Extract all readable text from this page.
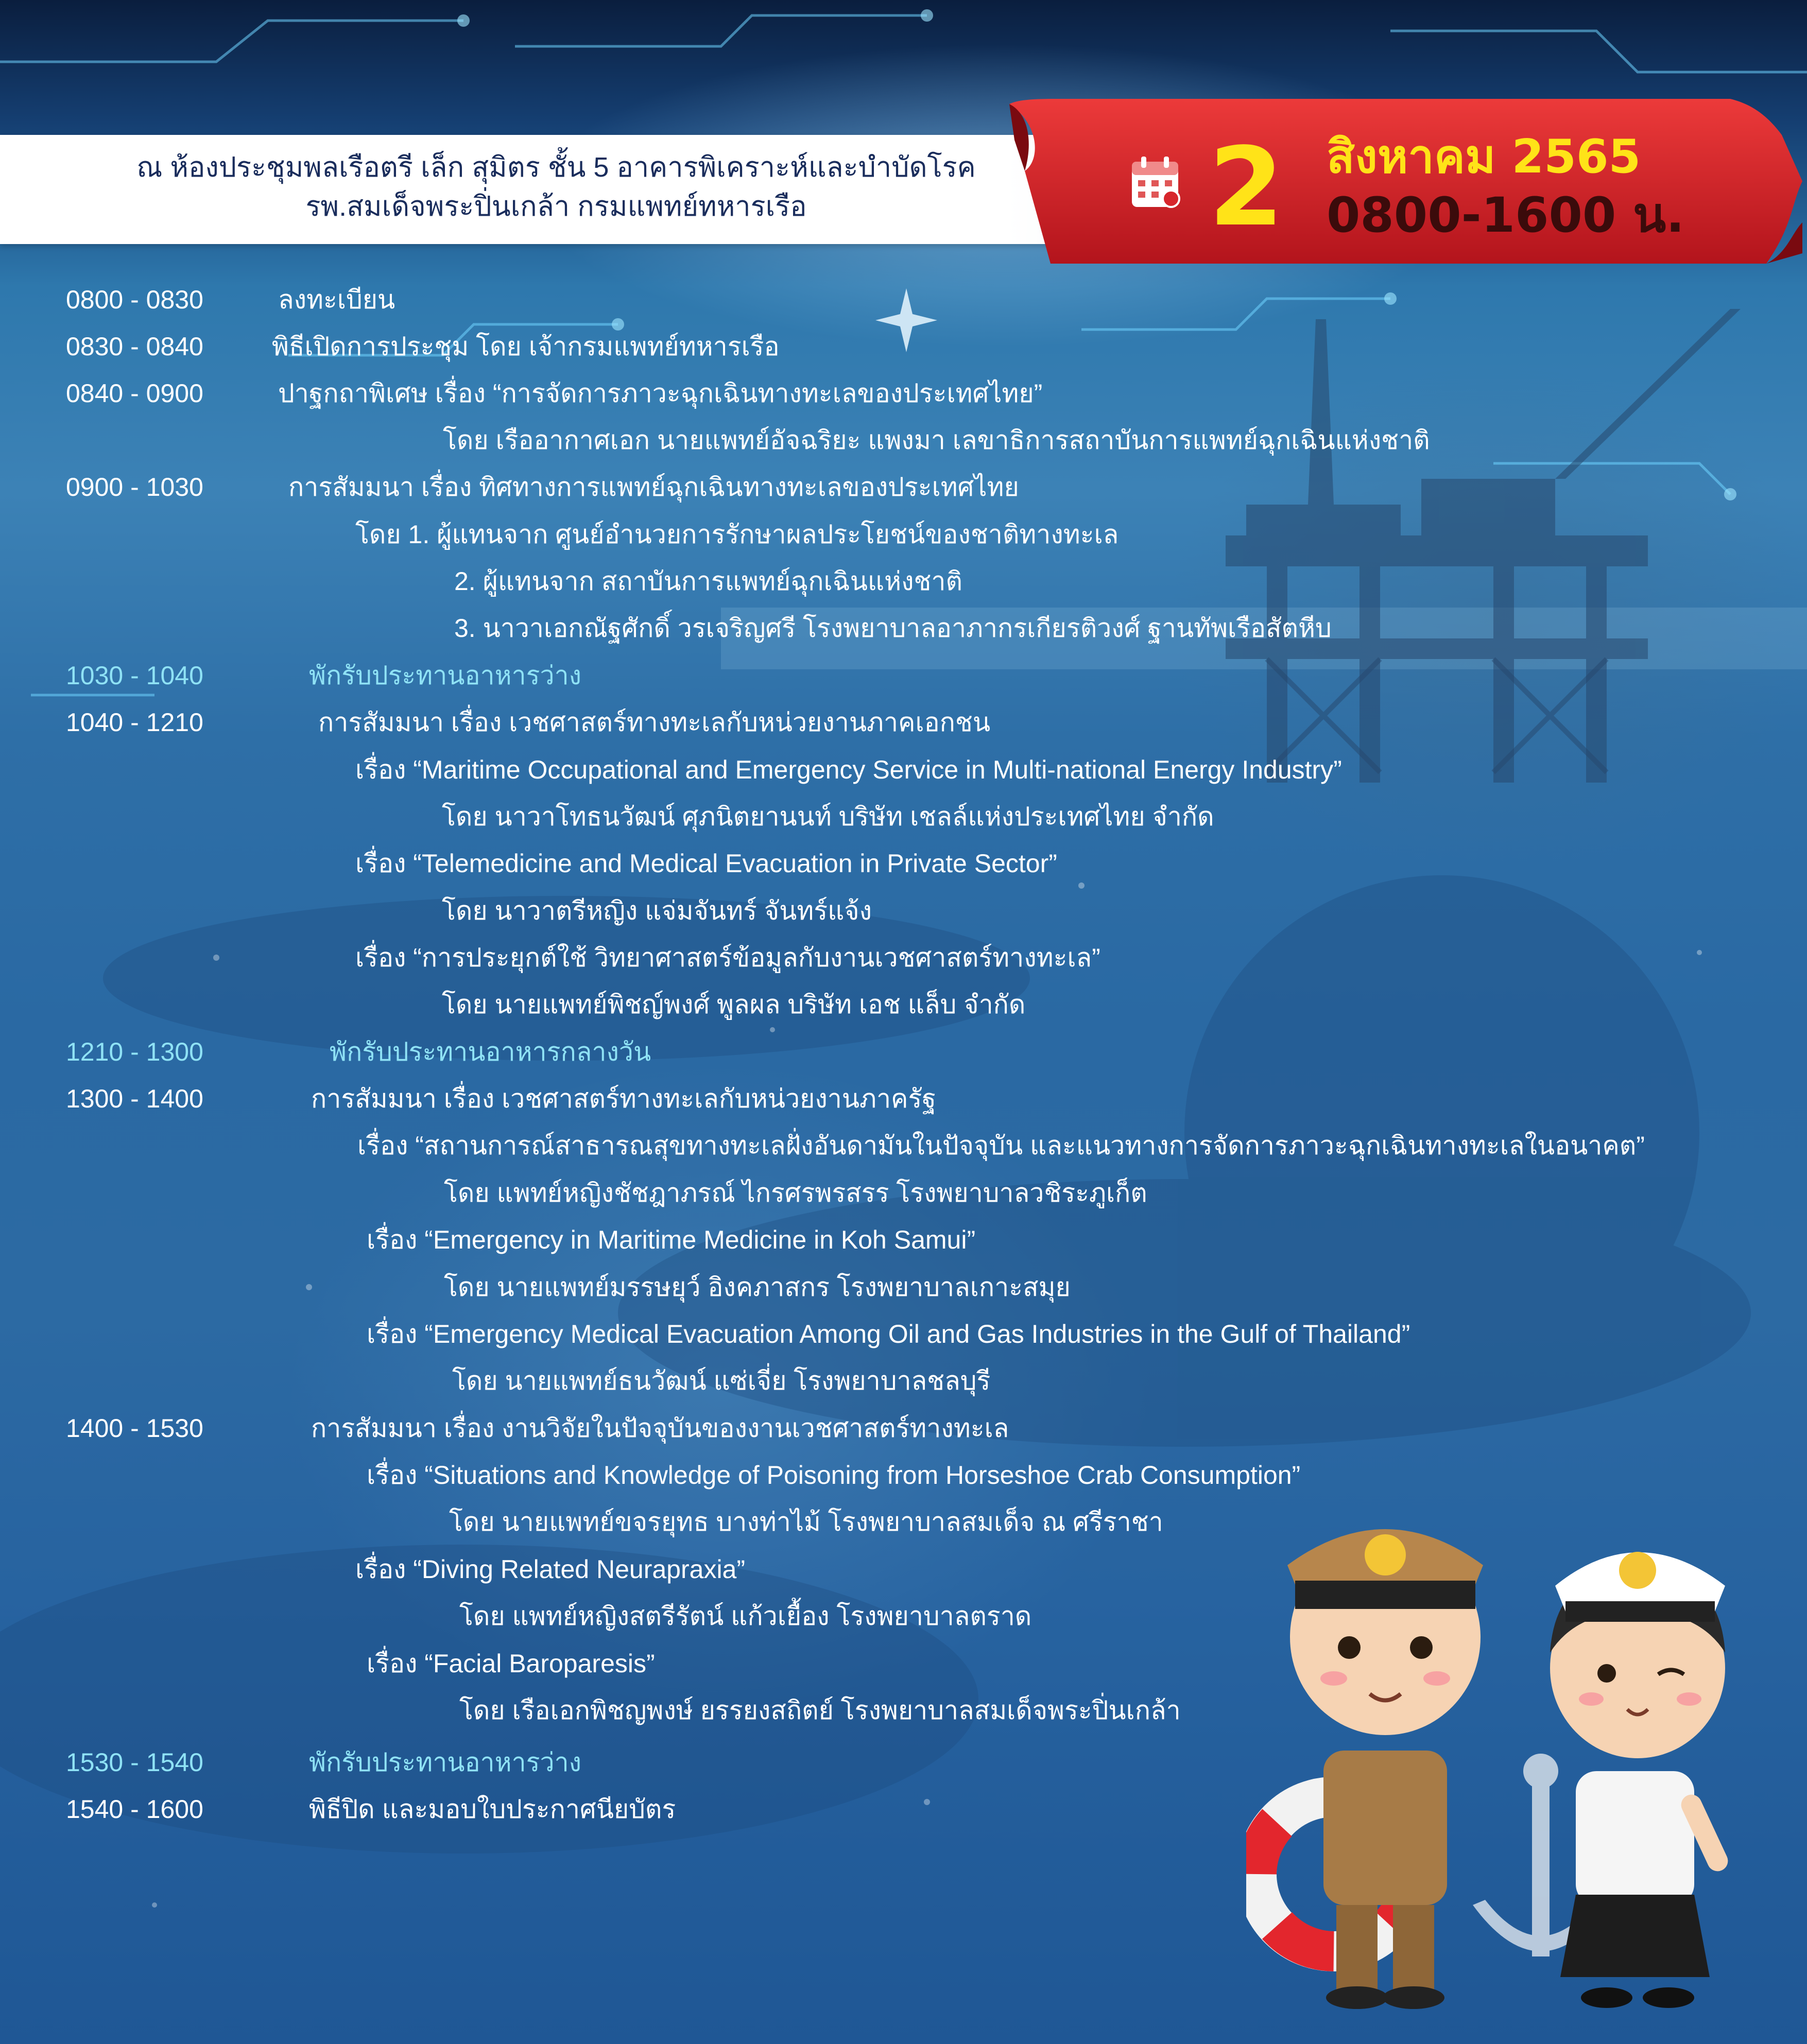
ณ ห้องประชุมพลเรือตรี เล็ก สุมิตร ชั้น 5 อาคารพิเคราะห์และบำบัดโรค
รพ.สมเด็จพระปิ่นเกล้า กรมแพทย์ทหารเรือ	2 สิงหาคม 2565
0800-1600 น.
0800 - 0830	ลงทะเบียน
0830 - 0840	พิธีเปิดการประชุม โดย เจ้ากรมแพทย์ทหารเรือ
0840 - 0900	ปาฐกถาพิเศษ เรื่อง “การจัดการภาวะฉุกเฉินทางทะเลของประเทศไทย”
โดย เรืออากาศเอก นายแพทย์อัจฉริยะ แพงมา เลขาธิการสถาบันการแพทย์ฉุกเฉินแห่งชาติ
0900 - 1030	การสัมมนา เรื่อง ทิศทางการแพทย์ฉุกเฉินทางทะเลของประเทศไทย
โดย 1. ผู้แทนจาก ศูนย์อำนวยการรักษาผลประโยชน์ของชาติทางทะเล
2. ผู้แทนจาก สถาบันการแพทย์ฉุกเฉินแห่งชาติ
3. นาวาเอกณัฐศักดิ์ วรเจริญศรี โรงพยาบาลอาภากรเกียรติวงศ์ ฐานทัพเรือสัตหีบ
1030 - 1040	พักรับประทานอาหารว่าง
1040 - 1210	การสัมมนา เรื่อง เวชศาสตร์ทางทะเลกับหน่วยงานภาคเอกชน
เรื่อง “Maritime Occupational and Emergency Service in Multi-national Energy Industry”
โดย นาวาโทธนวัฒน์ ศุภนิตยานนท์ บริษัท เชลล์แห่งประเทศไทย จำกัด
เรื่อง “Telemedicine and Medical Evacuation in Private Sector”
โดย นาวาตรีหญิง แจ่มจันทร์ จันทร์แจ้ง
เรื่อง “การประยุกต์ใช้ วิทยาศาสตร์ข้อมูลกับงานเวชศาสตร์ทางทะเล”
โดย นายแพทย์พิชญ์พงศ์ พูลผล บริษัท เอช แล็บ จำกัด
1210 - 1300	พักรับประทานอาหารกลางวัน
1300 - 1400	การสัมมนา เรื่อง เวชศาสตร์ทางทะเลกับหน่วยงานภาครัฐ
เรื่อง “สถานการณ์สาธารณสุขทางทะเลฝั่งอันดามันในปัจจุบัน และแนวทางการจัดการภาวะฉุกเฉินทางทะเลในอนาคต”
โดย แพทย์หญิงชัชฎาภรณ์ ไกรศรพรสรร โรงพยาบาลวชิระภูเก็ต
เรื่อง “Emergency in Maritime Medicine in Koh Samui”
โดย นายแพทย์มรรษยุว์ อิงคภาสกร โรงพยาบาลเกาะสมุย
เรื่อง “Emergency Medical Evacuation Among Oil and Gas Industries in the Gulf of Thailand”
โดย นายแพทย์ธนวัฒน์ แซ่เจี่ย โรงพยาบาลชลบุรี
1400 - 1530	การสัมมนา เรื่อง งานวิจัยในปัจจุบันของงานเวชศาสตร์ทางทะเล
เรื่อง “Situations and Knowledge of Poisoning from Horseshoe Crab Consumption”
โดย นายแพทย์ขจรยุทธ บางท่าไม้ โรงพยาบาลสมเด็จ ณ ศรีราชา
เรื่อง “Diving Related Neurapraxia”
โดย แพทย์หญิงสตรีรัตน์ แก้วเยื้อง โรงพยาบาลตราด
เรื่อง “Facial Baroparesis”
โดย เรือเอกพิชญพงษ์ ยรรยงสถิตย์ โรงพยาบาลสมเด็จพระปิ่นเกล้า
1530 - 1540	พักรับประทานอาหารว่าง
1540 - 1600	พิธีปิด และมอบใบประกาศนียบัตร
